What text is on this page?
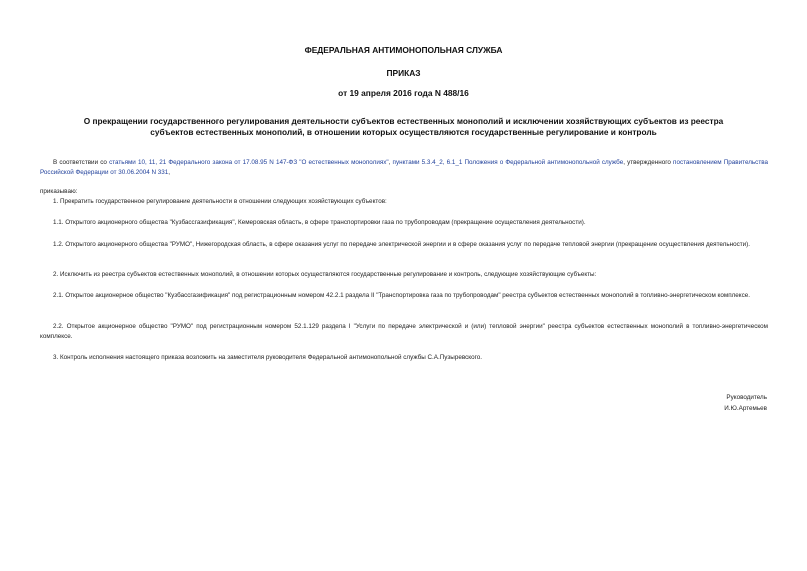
ФЕДЕРАЛЬНАЯ АНТИМОНОПОЛЬНАЯ СЛУЖБА
ПРИКАЗ
от 19 апреля 2016 года N 488/16
О прекращении государственного регулирования деятельности субъектов естественных монополий и исключении хозяйствующих субъектов из реестра
субъектов естественных монополий, в отношении которых осуществляются государственные регулирование и контроль
В соответствии со статьями 10, 11, 21 Федерального закона от 17.08.95 N 147-ФЗ "О естественных монополиях", пунктами 5.3.4_2, 6.1_1 Положения о Федеральной антимонопольной службе, утвержденного постановлением Правительства Российской Федерации от 30.06.2004 N 331,
приказываю:
1. Прекратить государственное регулирование деятельности в отношении следующих хозяйствующих субъектов:
1.1. Открытого акционерного общества "Кузбассгазификация", Кемеровская область, в сфере транспортировки газа по трубопроводам (прекращение осуществления деятельности).
1.2. Открытого акционерного общества "РУМО", Нижегородская область, в сфере оказания услуг по передаче электрической энергии и в сфере оказания услуг по передаче тепловой энергии (прекращение осуществления деятельности).
2. Исключить из реестра субъектов естественных монополий, в отношении которых осуществляются государственные регулирование и контроль, следующие хозяйствующие субъекты:
2.1. Открытое акционерное общество "Кузбассгазификация" под регистрационным номером 42.2.1 раздела II "Транспортировка газа по трубопроводам" реестра субъектов естественных монополий в топливно-энергетическом комплексе.
2.2. Открытое акционерное общество "РУМО" под регистрационным номером 52.1.129 раздела I "Услуги по передаче электрической и (или) тепловой энергии" реестра субъектов естественных монополий в топливно-энергетическом комплексе.
3. Контроль исполнения настоящего приказа возложить на заместителя руководителя Федеральной антимонопольной службы С.А.Пузыревского.
Руководитель
И.Ю.Артемьев
